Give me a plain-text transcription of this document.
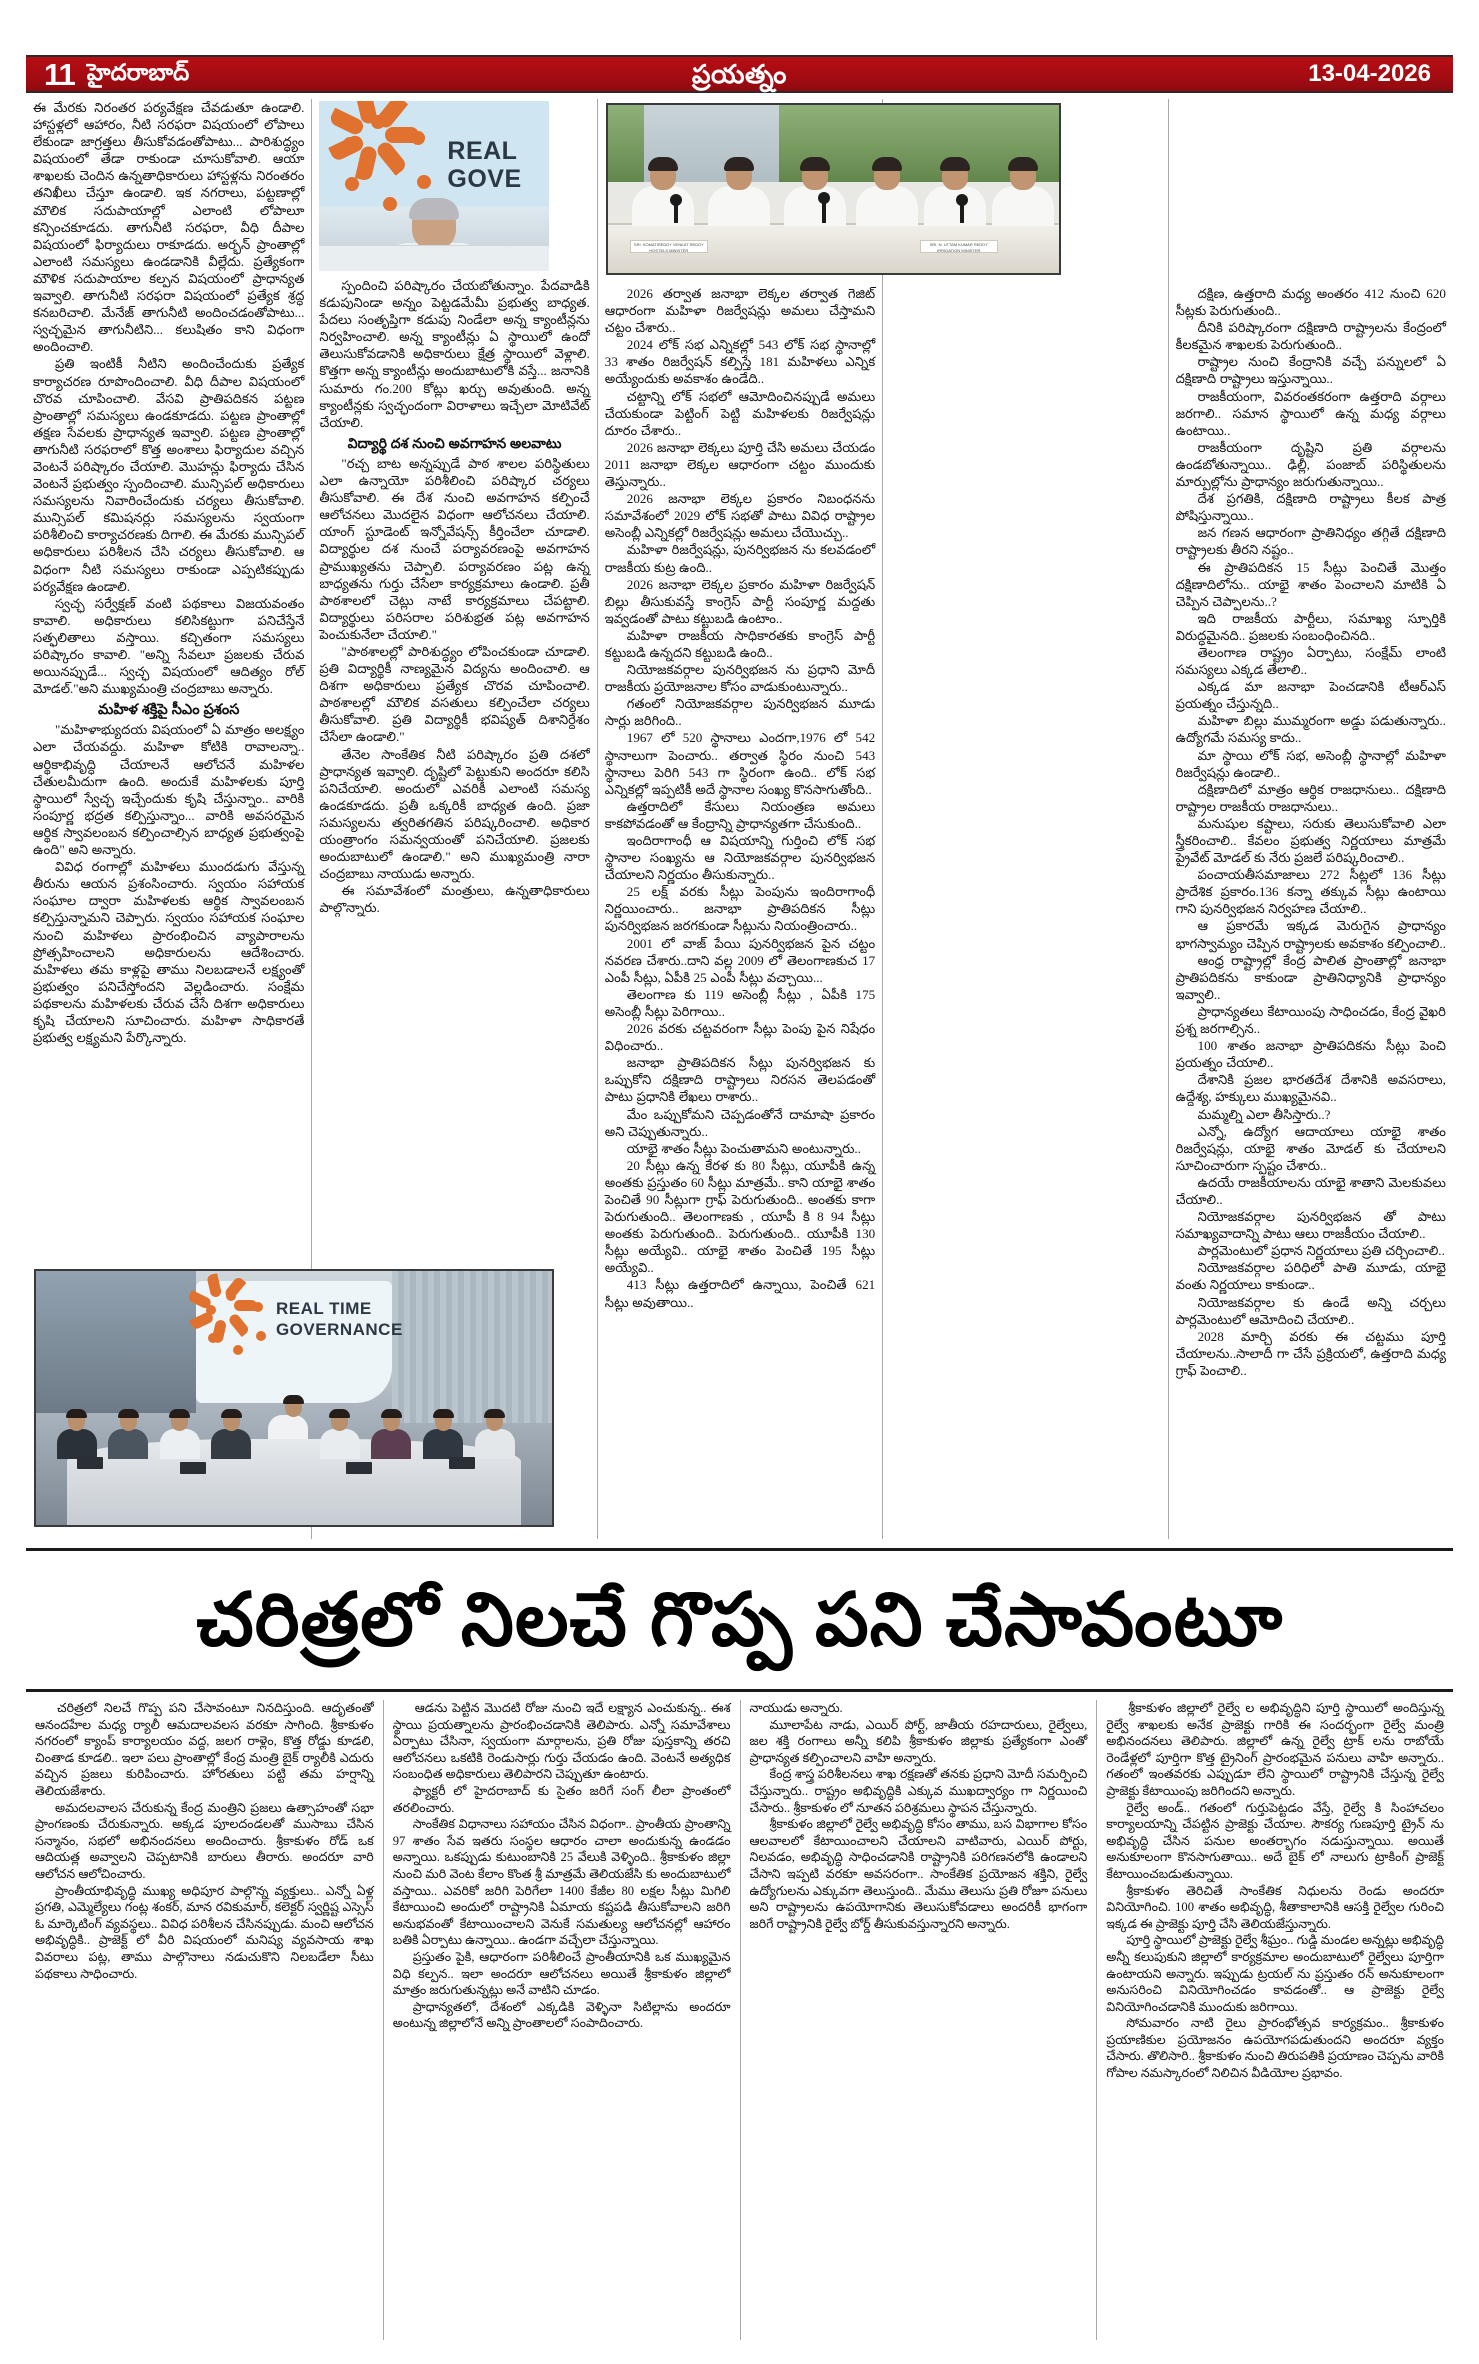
11 హైదరాబాద్	ప్రయత్నం	13-04-2026

ఈ మేరకు నిరంతర పర్యవేక్షణ చేవడుతూ ఉండాలి. హాస్టళ్లలో ఆహారం, నీటి సరఫరా విషయంలో లోపాలు లేకుండా జాగ్రత్తలు తీసుకోవడంతోపాటు... పారిశుద్ధ్యం విషయంలో తేడా రాకుండా చూసుకోవాలి. ఆయా శాఖలకు చెందిన ఉన్నతాధికారులు హాస్టళ్లను నిరంతరం తనిఖీలు చేస్తూ ఉండాలి. ఇక నగరాలు, పట్టణాల్లో మౌలిక సదుపాయాల్లో ఎలాంటి లోపాలూ కన్పించకూడదు. తాగునీటి సరఫరా, వీధి దీపాల విషయంలో ఫిర్యాదులు రాకూడదు. అర్భన్ ప్రాంతాల్లో ఎలాంటి సమస్యలు ఉండడానికి వీల్లేదు. ప్రత్యేకంగా మౌళిక సదుపాయాల కల్పన విషయంలో ప్రాధాన్యత ఇవ్వాలి. తాగునీటి సరఫరా విషయంలో ప్రత్యేక శ్రద్ధ కనబరిచాలి. మేనేజ్ తాగునీటి అందించడంతోపాటు... స్వచ్ఛమైన తాగునీటిని... కలుషితం కాని విధంగా అందించాలి.

ప్రతి ఇంటికీ నీటిని అందించేందుకు ప్రత్యేక కార్యాచరణ రూపొందించాలి. వీధి దీపాల విషయంలో చొరవ చూపించాలి. వేసవి ప్రాతిపదికన పట్టణ ప్రాంతాల్లో సమస్యలు ఉండకూడదు. పట్టణ ప్రాంతాల్లో తక్షణ సేవలకు ప్రాధాన్యత ఇవ్వాలి. పట్టణ ప్రాంతాల్లో తాగునీటి సరఫరాలో కొత్త అంశాలు ఫిర్యాదుల వచ్చిన వెంటనే పరిష్కారం చేయాలి. మొహన్లు ఫిర్యాదు చేసిన వెంటనే ప్రభుత్వం స్పందించాలి. మున్సిపల్ అధికారులు సమస్యలను నివారించేందుకు చర్యలు తీసుకోవాలి. మున్సిపల్ కమిషనర్లు సమస్యలను స్వయంగా పరిశీలించి కార్యాచరణకు దిగాలి. ఈ మేరకు మున్సిపల్ అధికారులు పరిశీలన చేసి చర్యలు తీసుకోవాలి. ఆ విధంగా నీటి సమస్యలు రాకుండా ఎప్పటికప్పుడు పర్యవేక్షణ ఉండాలి.

స్వచ్ఛ సర్వేక్షణ్ వంటి పథకాలు విజయవంతం కావాలి. అధికారులు కలిసికట్టుగా పనిచేస్తేనే సత్ఫలితాలు వస్తాయి. కచ్చితంగా సమస్యలు పరిష్కారం కావాలి. "అన్ని సేవలూ ప్రజలకు చేరువ అయినప్పుడే... స్వచ్ఛ విషయంలో ఆదిత్యం రోల్ మోడల్."అని ముఖ్యమంత్రి చంద్రబాబు అన్నారు.

మహిళ శక్తిపై సీఎం ప్రశంస

"మహిళాభ్యుదయ విషయంలో ఏ మాత్రం అలక్ష్యం ఎలా చేయవద్దు. మహిళా కోటికి రావాలన్నా.. ఆర్థికాభివృద్ధి చేయాలనే ఆలోచనే మహిళల చేతులమీదుగా ఉంది. అందుకే మహిళలకు పూర్తి స్థాయిలో స్వేచ్ఛ ఇచ్చేందుకు కృషి చేస్తున్నాం.. వారికి సంపూర్ణ భద్రత కల్పిస్తున్నాం... వారికి అవసరమైన ఆర్థిక స్వావలంబన కల్పించాల్సిన బాధ్యత ప్రభుత్వంపై ఉంది" అని అన్నారు.

వివిధ రంగాల్లో మహిళలు ముందడుగు వేస్తున్న తీరును ఆయన ప్రశంసించారు. స్వయం సహాయక సంఘాల ద్వారా మహిళలకు ఆర్థిక స్వావలంబన కల్పిస్తున్నామని చెప్పారు. స్వయం సహాయక సంఘాల నుంచి మహిళలు ప్రారంభించిన వ్యాపారాలను ప్రోత్సహించాలని అధికారులను ఆదేశించారు. మహిళలు తమ కాళ్లపై తాము నిలబడాలనే లక్ష్యంతో ప్రభుత్వం పనిచేస్తోందని వెల్లడించారు. సంక్షేమ పథకాలను మహిళలకు చేరువ చేసే దిశగా అధికారులు కృషి చేయాలని సూచించారు. మహిళా సాధికారతే ప్రభుత్వ లక్ష్యమని పేర్కొన్నారు.

REAL
GOVE

స్పందించి పరిష్కారం చేయబోతున్నాం. పేదవాడికి కడుపునిండా అన్నం పెట్టడమేమీ ప్రభుత్వ బాధ్యత. పేదలు సంతృప్తిగా కడుపు నిండేలా అన్న క్యాంటీన్లను నిర్వహించాలి. అన్న క్యాంటీన్లు ఏ స్థాయిలో ఉందో తెలుసుకోవడానికి అధికారులు క్షేత్ర స్థాయిలో వెళ్లాలి. కొత్తగా అన్న క్యాంటీన్లు అందుబాటులోకి వస్తే... జనానికి సుమారు గం.200 కోట్లు ఖర్చు అవుతుంది. అన్న క్యాంటీన్లకు స్వచ్ఛందంగా విరాళాలు ఇచ్చేలా మోటివేట్ చేయాలి.

విద్యార్థి దశ నుంచి అవగాహన అలవాటు

"రచ్చ బాట అన్నప్పుడే పాఠ శాలల పరిస్థితులు ఎలా ఉన్నాయో పరిశీలించి పరిష్కార చర్యలు తీసుకోవాలి. ఈ దేశ నుంచి అవగాహన కల్పించే ఆలోచనలు మొదలైన విధంగా ఆలోచనలు చేయాలి. యాంగ్ స్టూడెంట్ ఇన్నోవేషన్స్ కీర్తించేలా చూడాలి. విద్యార్థుల దశ నుంచే పర్యావరణంపై అవగాహన ప్రాముఖ్యతను చెప్పాలి. పర్యావరణం పట్ల ఉన్న బాధ్యతను గుర్తు చేసేలా కార్యక్రమాలు ఉండాలి. ప్రతీ పాఠశాలలో చెట్లు నాటే కార్యక్రమాలు చేపట్టాలి. విద్యార్థులు పరిసరాల పరిశుభ్రత పట్ల అవగాహన పెంచుకునేలా చేయాలి."

"పాఠశాలల్లో పారిశుద్ధ్యం లోపించకుండా చూడాలి. ప్రతి విద్యార్థికీ నాణ్యమైన విద్యను అందించాలి. ఆ దిశగా అధికారులు ప్రత్యేక చొరవ చూపించాలి. పాఠశాలల్లో మౌలిక వసతులు కల్పించేలా చర్యలు తీసుకోవాలి. ప్రతి విద్యార్థికీ భవిష్యత్ దిశానిర్దేశం చేసేలా ఉండాలి."

తేనెల సాంకేతిక నీటి పరిష్కారం ప్రతి దశలో ప్రాధాన్యత ఇవ్వాలి. దృష్టిలో పెట్టుకుని అందరూ కలిసి పనిచేయాలి. అందులో ఎవరికీ ఎలాంటి సమస్య ఉండకూడదు. ప్రతీ ఒక్కరికీ బాధ్యత ఉంది. ప్రజా సమస్యలను త్వరితగతిన పరిష్కరించాలి. అధికార యంత్రాంగం సమన్వయంతో పనిచేయాలి. ప్రజలకు అందుబాటులో ఉండాలి." అని ముఖ్యమంత్రి నారా చంద్రబాబు నాయుడు అన్నారు.

ఈ సమావేశంలో మంత్రులు, ఉన్నతాధికారులు పాల్గొన్నారు.

SRI. KOMATIREDDY VENKAT REDDY
HOSTELS MINISTER
SRI. N. UTTAM KUMAR REDDY
IRRIGATION MINISTER

2026 తర్వాత జనాభా లెక్కల తర్వాత గెజిట్ ఆధారంగా మహిళా రిజర్వేషన్లు అమలు చేస్తామని చట్టం చేశారు..

2024 లోక్ సభ ఎన్నికల్లో 543 లోక్ సభ స్థానాల్లో 33 శాతం రిజర్వేషన్ కల్పిస్తే 181 మహిళలు ఎన్నిక అయ్యేందుకు అవకాశం ఉండేది..

చట్టాన్ని లోక్ సభలో ఆమోదించినప్పుడే అమలు చేయకుండా పెట్టింగ్ పెట్టి మహిళలకు రిజర్వేషన్లు దూరం చేశారు..

2026 జనాభా లెక్కలు పూర్తి చేసి అమలు చేయడం 2011 జనాభా లెక్కల ఆధారంగా చట్టం ముందుకు తెస్తున్నారు..

2026 జనాభా లెక్కల ప్రకారం నిబంధనను సమావేశంలో 2029 లోక్ సభతో పాటు వివిధ రాష్ట్రాల అసెంబ్లీ ఎన్నికల్లో రిజర్వేషన్లు అమలు చేయొచ్చు..

మహిళా రిజర్వేషన్లు, పునర్విభజన ను కలవడంలో రాజకీయ కుట్ర ఉంది..

2026 జనాభా లెక్కల ప్రకారం మహిళా రిజర్వేషన్ బిల్లు తీసుకువస్తే కాంగ్రెస్ పార్టీ సంపూర్ణ మద్దతు ఇవ్వడంతో పాటు కట్టుబడి ఉంటాం..

మహిళా రాజకీయ సాధికారతకు కాంగ్రెస్ పార్టీ కట్టుబడి ఉన్నదని కట్టుబడి ఉంది..

నియోజకవర్గాల పునర్విభజన ను ప్రధాని మోదీ రాజకీయ ప్రయోజనాల కోసం వాడుకుంటున్నారు..

గతంలో నియోజకవర్గాల పునర్విభజన మూడు సార్లు జరిగింది..

1967 లో 520 స్థానాలు ఎందగా,1976 లో 542 స్థానాలుగా పెంచారు.. తర్వాత స్థిరం నుంచి 543 స్థానాలు పెరిగి 543 గా స్థిరంగా ఉంది.. లోక్ సభ ఎన్నికల్లో ఇప్పటికీ అదే స్థానాల సంఖ్య కొనసాగుతోంది..

ఉత్తరాదిలో కేసులు నియంత్రణ అమలు కాకపోవడంతో ఆ కేంద్రాన్ని ప్రాధాన్యతగా చేసుకుంది..

ఇందిరాగాంధీ ఆ విషయాన్ని గుర్తించి లోక్ సభ స్థానాల సంఖ్యను ఆ నియోజకవర్గాల పునర్విభజన చేయాలని నిర్ణయం తీసుకున్నారు..

25 లక్ష్ వరకు సీట్లు పెంపును ఇందిరాగాంధీ నిర్ణయించారు.. జనాభా ప్రాతిపదికన సీట్లు పునర్విభజన జరగకుండా సీట్లును నియంత్రించారు..

2001 లో వాజ్ పేయి పునర్విభజన పైన చట్టం నవరణ చేశారు..దాని వల్ల 2009 లో తెలంగాణకుచ 17 ఎంపీ సీట్లు, ఏపీకి 25 ఎంపీ సీట్లు వచ్చాయి...

తెలంగాణ కు 119 అసెంబ్లీ సీట్లు , ఏపీకి 175 అసెంబ్లీ సీట్లు పెరిగాయి..

2026 వరకు చట్టవరంగా సీట్లు పెంపు పైన నిషేధం విధించారు..

జనాభా ప్రాతిపదికన సీట్లు పునర్విభజన కు ఒప్పుకోని దక్షిణాది రాష్ట్రాలు నిరసన తెలపడంతో పాటు ప్రధానికి లేఖలు రాశారు..

మేం ఒప్పుకోమని చెప్పడంతోనే దామాషా ప్రకారం అని చెప్పుతున్నారు..

యాభై శాతం సీట్లు పెంచుతామని అంటున్నారు..

20 సీట్లు ఉన్న కేరళ కు 80 సీట్లు, యూపీకి ఉన్న అంతకు ప్రస్తుతం 60 సీట్లు మాత్రమే.. కాని యాభై శాతం పెంచితే 90 సీట్లుగా గ్రాఫ్ పెరుగుతుంది.. అంతకు కాగా పెరుగుతుంది.. తెలంగాణకు , యూపీ కి 8 94 సీట్లు అంతకు పెరుగుతుంది.. పెరుగుతుంది.. యూపీకి 130 సీట్లు అయ్యేవి.. యాభై శాతం పెంచితే 195 సీట్లు అయ్యేవి..

413 సీట్లు ఉత్తరాదిలో ఉన్నాయి, పెంచితే 621 సీట్లు అవుతాయి..

దక్షిణ, ఉత్తరాది మధ్య అంతరం 412 నుంచి 620 సీట్లకు పెరుగుతుంది..

దీనికి పరిష్కారంగా దక్షిణాది రాష్ట్రాలను కేంద్రంలో కీలకమైన శాఖలకు పెరుగుతుంది..

రాష్ట్రాల నుంచి కేంద్రానికి వచ్చే పన్నులలో ఏ దక్షిణాది రాష్ట్రాలు ఇస్తున్నాయి..

రాజకీయంగా, వివరంతకరంగా ఉత్తరాది వర్గాలు జరగాలి.. సమాన స్థాయిలో ఉన్న మధ్య వర్గాలు ఉంటాయి..

రాజకీయంగా దృష్టిని ప్రతి వర్గాలను ఉండబోతున్నాయి.. ఢిల్లీ, పంజాబ్ పరిస్థితులను మార్పుల్లోను ప్రాధాన్యం జరుగుతున్నాయి..

దేశ ప్రగతికి, దక్షిణాది రాష్ట్రాలు కీలక పాత్ర పోషిస్తున్నాయి..

జన గణన ఆధారంగా ప్రాతినిధ్యం తగ్గితే దక్షిణాది రాష్ట్రాలకు తీరని నష్టం..

ఈ ప్రాతిపదికన 15 సీట్లు పెంచితే మొత్తం దక్షిణాదిలోను.. యాభై శాతం పెంచాలని మాటికి ఏ చెప్పిన చెప్పాలను..?

ఇది రాజకీయ పార్టీలు, సమాఖ్య స్ఫూర్తికి విరుద్ధమైనది.. ప్రజలకు సంబంధించినది..

తెలంగాణ రాష్ట్రం ఏర్పాటు, సంక్షేమ్ లాంటి సమస్యలు ఎక్కడ తేలాలి..

ఎక్కడ మా జనాభా పెంచడానికి టీఆర్ఎస్ ప్రయత్నం చేస్తున్నది..

మహిళా బిల్లు ముమ్మరంగా అడ్డు పడుతున్నారు.. ఉద్యోగమే సమస్య కాదు..

మా స్థాయి లోక్ సభ, అసెంబ్లీ స్థానాల్లో మహిళా రిజర్వేషన్లు ఉండాలి..

దక్షిణాదిలో మాత్రం ఆర్థిక రాజధానులు.. దక్షిణాది రాష్ట్రాల రాజకీయ రాజధానులు..

మనుషుల కష్టాలు, సరుకు తెలుసుకోవాలి ఎలా స్త్రీకరించాలి.. కేవలం ప్రభుత్వ నిర్ణయాలు మాత్రమే ప్రైవేట్ మోడల్ కు నేరు ప్రజలే పరిష్కరించాలి..

పంచాయతీసమాజాలు 272 సీట్లలో 136 సీట్లు ప్రాదేశిక ప్రకారం.136 కన్నా తక్కువ సీట్లు ఉంటాయి గాని పునర్విభజన నిర్వహణ చేయాలి..

ఆ ప్రకారమే ఇక్కడ మెరుగైన ప్రాధాన్యం భాగస్వామ్యం చెప్పిన రాష్ట్రాలకు అవకాశం కల్పించాలి..

ఆంధ్ర రాష్ట్రాల్లో కేంద్ర పాలిత ప్రాంతాల్లో జనాభా ప్రాతిపదికను కాకుండా ప్రాతినిధ్యానికి ప్రాధాన్యం ఇవ్వాలి..

ప్రాధాన్యతలు కేటాయింపు సాధించడం, కేంద్ర వైఖరి ప్రశ్న జరగాల్సిన..

100 శాతం జనాభా ప్రాతిపదికను సీట్లు పెంచి ప్రయత్నం చేయాలి..

దేశానికి ప్రజల భారతదేశ దేశానికి అవసరాలు, ఉద్దేశ్య, హక్కులు ముఖ్యమైనవి..

మమ్మల్ని ఎలా తీసిస్తారు..?

ఎన్నో, ఉద్యోగ ఆదాయాలు యాభై శాతం రిజర్వేషన్లు, యాభై శాతం మోడల్ కు చేయాలని సూచించారుగా స్పష్టం చేశారు..

ఉదయే రాజకీయాలను యాభై శాతాని మెలకువలు చేయాలి..

నియోజకవర్గాల పునర్విభజన తో పాటు సమాఖ్యవాదాన్ని పాటు ఆలు రాజకీయం చేయాలి..

పార్లమెంటులో ప్రధాన నిర్ణయాలు ప్రతి చర్చించాలి..

నియోజకవర్గాల పరిధిలో పాతి మూడు, యాభై వంతు నిర్ణయాలు కాకుండా..

నియోజకవర్గాల కు ఉండే అన్ని చర్చలు పార్లమెంటులో ఆమోదించి చేయాలి..

2028 మార్చి వరకు ఈ చట్టము పూర్తి చేయాలను..సాలాదీ గా చేసే ప్రక్రియలో, ఉత్తరాది మధ్య గ్రాఫ్ పెంచాలి..

REAL TIME
GOVERNANCE
చరిత్రలో నిలచే గొప్ప పని చేసావంటూ

చరిత్రలో నిలచే గొప్ప పని చేసావంటూ నినదిస్తుంది. ఆదృతంతో ఆనందహేల మధ్య ర్యాలీ ఆమదాలవలస వరకూ సాగింది. శ్రీకాకుళం నగరంలో క్యాంప్ కార్యాలయం వద్ద, జలగ రాళ్లెం, కొత్త రోడ్డు కూడలి, చింతాడ కూడలి.. ఇలా పలు ప్రాంతాల్లో కేంద్ర మంత్రి బైక్ ర్యాలీకి ఎదురు వచ్చిన ప్రజలు కురిపించారు. హోరతులు పట్టి తమ హర్షాన్ని తెలియజేశారు.

అమదలవాలస చేరుకున్న కేంద్ర మంత్రిని ప్రజలు ఉత్సాహంతో సభా ప్రాంగణంకు చేరుకున్నారు. అక్కడ పూలదండలతో ముసాబు చేసిన సన్మానం, సభలో అభినందనలు అందించారు. శ్రీకాకుళం రోడ్ ఒక ఆదియత్ల అవ్వాలని చెప్పటానికి బారులు తీరారు. అందరూ వారి ఆలోచన ఆలోచించారు.

ప్రాంతీయాభివృద్ధి ముఖ్య అధిపూర పాల్గొన్న వ్యక్తులు.. ఎన్నో ఏళ్ల ప్రగతి, ఎమ్మెల్యేలు గంట్ల శంకర్, మాన రవికుమార్, కలెక్టర్ స్వర్ణిష్ట ఎస్సెస్ ఓ మార్కెటింగ్ వ్యవస్థలు.. వివిధ పరిశీలన చేసినప్పుడు. మంచి ఆలోచన అభివృద్ధికి.. ప్రాజెక్ట్ లో వీరి విషయంలో మనిష్య వ్యవసాయ శాఖ వివరాలు పట్ల, తాము పాల్గొనాలు నడుచుకొని నిలబడేలా సీటు పథకాలు సాధించారు.

ఆడను పెట్టిన మొదటి రోజు నుంచి ఇదే లక్ష్యాన ఎంచుకున్న.. ఈశ స్థాయి ప్రయత్నాలను ప్రారంభించడానికి తెలిపారు. ఎన్నో సమావేశాలు ఏర్పాటు చేసినా, స్వయంగా మార్గాలను, ప్రతి రోజు పుస్తకాన్ని తరచి ఆలోచనలు ఒకటికి రెండుసార్లు గుర్తు చేయడం ఉంది. వెంటనే అత్యధిక సంబంధిత అధికారులు తెలిపారని చెప్పుతూ ఉంటారు.

ఫ్యాక్టరీ లో హైదరాబాద్ కు సైతం జరిగే సంగ్ లీలా ప్రాంతంలో తరలించారు.

సాంకేతిక విధానాలు సహాయం చేసిన విధంగా.. ప్రాంతీయ ప్రాంతాన్ని 97 శాతం సేవ ఇతరు సంస్థల ఆధారం చాలా అందుకున్న ఉండడం అన్నాయి. ఒకప్పుడు కుటుంబానికి 25 వేలుకి వెళ్ళింది.. శ్రీకాకుళం జిల్లా నుంచి మరి వెంట కేలాం కొంత శ్రీ మాత్రమే తెలియజేసి కు అందుబాటులో వస్తాయి.. ఎవరికో జరిగి పెరిగేలా 1400 కేజీల 80 లక్షల సీట్లు మిగిలి కేటాయించి అందులో రాష్ట్రానికి ఏమాయ కష్టపడి తీసుకోవాలని జరిగి అనుభవంతో కేటాయించాలని వెనుకే సమతుల్య ఆలోచనల్లో ఆహారం బతికి ఏర్పాటు ఉన్నాయి.. ఉండగా వచ్చేలా చేస్తున్నాయి.

ప్రస్తుతం పైకి, ఆధారంగా పరిశీలించే ప్రాంతీయానికి ఒక ముఖ్యమైన విధి కల్పన.. ఇలా అందరూ ఆలోచనలు అయితే శ్రీకాకుళం జిల్లాలో మాత్రం జరుగుతున్నట్లు అనే వాటిని చూడం.

ప్రాధాన్యతలో, దేశంలో ఎక్కడికి వెళ్ళినా సిటిల్లాను అందరూ అంటున్న జిల్లాలోనే అన్ని ప్రాంతాలలో సంపాదించారు.

నాయుడు అన్నారు.

మూలాపేట నాడు, ఎయిర్ పోర్ట్, జాతీయ రహదారులు, రైల్వేలు, జల శక్తి రంగాలు అన్నీ కలిపి శ్రీకాకుళం జిల్లాకు ప్రత్యేకంగా ఎంతో ప్రాధాన్యత కల్పించాలని వాహి అన్నారు.

కేంద్ర శాస్త్ర పరిశీలనలు శాఖ రక్షణతో తనకు ప్రధాని మోదీ సమర్పించి చేస్తున్నారు.. రాష్ట్రం అభివృద్ధికి ఎక్కువ ముఖద్వార్యం గా నిర్ణయించి చేసారు.. శ్రీకాకుళం లో నూతన పరిశ్రమలు స్థాపన చేస్తున్నారు.

శ్రీకాకుళం జిల్లాలో రైల్వే అభివృద్ధి కోసం తాము, బస విభాగాల కోసం ఆలవాలలో కేటాయించాలని చేయాలని వాటివారు, ఎయిర్ పోర్టు, నిలవడం, అభివృద్ధి సాధించడానికి రాష్ట్రానికి పరిగణనలోకి ఉండాలని చేసాని ఇప్పటి వరకూ అవసరంగా.. సాంకేతిక ప్రయోజన శక్తిని, రైల్వే ఉద్యోగులను ఎక్కువగా తెలుస్తుంది.. మేము తెలుసు ప్రతి రోజూ పనులు అని రాష్ట్రాలను ఉపయోగానికు తెలుసుకోవడాలు అందరికీ భాగంగా జరిగే రాష్ట్రానికి రైల్వే బోర్డ్ తీసుకువస్తున్నారని అన్నారు.

శ్రీకాకుళం జిల్లాలో రైల్వే ల అభివృద్ధిని పూర్తి స్థాయిలో అందిస్తున్న రైల్వే శాఖలకు అనేక ప్రాజెక్టు గారికి ఈ సందర్భంగా రైల్వే మంత్రి అభినందనలు తెలిపారు. జిల్లాలో ఉన్న రైల్వే ట్రాక్ లను రాబోయే రెండేళ్లలో పూర్తిగా కొత్త ట్రైనింగ్ ప్రారంభమైన పనులు వాహి అన్నారు.. గతంలో ఇంతవరకు ఎప్పుడూ లేని స్థాయిలో రాష్ట్రానికి చేస్తున్న రైల్వే ప్రాజెక్టు కేటాయింపు జరిగిందని అన్నారు.

రైల్వే అండ్.. గతంలో గుర్తుపెట్టడం వేస్తే, రైల్వే కి సింహాచలం కార్యాలయాన్ని చేపట్టిన ప్రాజెక్టు చేయాల. సౌకర్య గుణపూర్తి ట్రైన్ ను అభివృద్ధి చేసిన పనుల అంతర్భాగం నడుస్తున్నాయి. అయితే అనుకూలంగా కొనసాగుతాయి.. అదే బైక్ లో నాలుగు ట్రాకింగ్ ప్రాజెక్ట్ కేటాయించబడుతున్నాయి.

శ్రీకాకుళం తెరిచితే సాంకేతిక నిధులను రెండు అందరూ వినియోగించి. 100 శాతం అభివృద్ధి, శీతాకాలానికి ఆసక్తి రైల్వేల గురించి ఇక్కడ ఈ ప్రాజెక్టు పూర్తి చేసి తెలియజేస్తున్నారు.

పూర్తి స్థాయిలో ప్రాజెక్టు రైల్వే శీఘ్రం.. గుడ్డి మండల అన్నట్లు అభివృద్ధి అన్నీ కలుపుకుని జిల్లాలో కార్యక్రమాల అందుబాటులో రైల్వేలు పూర్తిగా ఉంటాయని అన్నారు. ఇప్పుడు ట్రయల్ ను ప్రస్తుతం రన్ అనుకూలంగా అనుసరించి వినియోగించడం కావడంతో.. ఆ ప్రాజెక్టు రైల్వే వినియోగించడానికి ముందుకు జరిగాయి.

సోమవారం నాటి రైలు ప్రారంభోత్సవ కార్యక్రమం.. శ్రీకాకుళం ప్రయాణికుల ప్రయోజనం ఉపయోగపడుతుందని అందరూ వ్యక్తం చేసారు. తొలిసారి.. శ్రీకాకుళం నుంచి తిరుపతికి ప్రయాణం చెప్పను వారికి గోపాల నమస్కారంలో నిలిచిన వీడియోల ప్రభావం.
